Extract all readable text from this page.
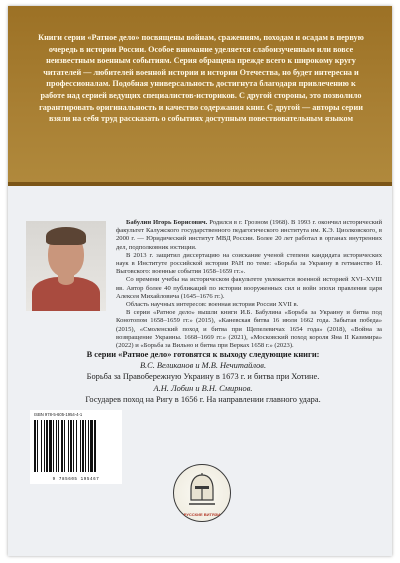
Книги серии «Ратное дело» посвящены войнам, сражениям, походам и осадам в первую очередь в истории России. Особое внимание уделяется слабоизученным или вовсе неизвестным военным событиям. Серия обращена прежде всего к широкому кругу читателей — любителей военной истории и истории Отечества, но будет интересна и профессионалам. Подобная универсальность достигнута благодаря привлечению к работе над серией ведущих специалистов-историков. С другой стороны, это позволило гарантировать оригинальность и качество содержания книг. С другой — авторы серии взяли на себя труд рассказать о событиях доступным повествовательным языком

Бабулин Игорь Борисович. Родился в г. Грозном (1968). В 1993 г. окончил исторический факультет Калужского государственного педагогического института им. К.Э. Циолковского, в 2000 г. — Юридический институт МВД России. Более 20 лет работал в органах внутренних дел, подполковник юстиции.

В 2013 г. защитил диссертацию на соискание ученой степени кандидата исторических наук в Институте российской истории РАН по теме: «Борьба за Украину в гетманство И. Выговского: военные события 1658–1659 гг.».

Со времени учебы на историческом факультете увлекается военной историей XVI–XVIII вв. Автор более 40 публикаций по истории вооруженных сил и войн эпохи правления царя Алексея Михайловича (1645–1676 гг.).

Область научных интересов: военная история России XVII в.

В серии «Ратное дело» вышли книги И.Б. Бабулина «Борьба за Украину и битва под Конотопом 1658–1659 гг.» (2015), «Каневская битва 16 июля 1662 года. Забытая победа» (2015), «Смоленский поход и битва при Щепелевичах 1654 года» (2018), «Война за возвращение Украины. 1668–1669 гг.» (2021), «Московский поход короля Яна II Казимира» (2022) и «Борьба за Вильно и битва при Верках 1658 г.» (2023).

В серии «Ратное дело» готовятся к выходу следующие книги:

В.С. Великанов и М.В. Нечитайлов.

Борьба за Правобережную Украину в 1673 г. и битва при Хотине.

А.Н. Лобин и В.Н. Смирнов.

Государев поход на Ригу в 1656 г. На направлении главного удара.

ISBN 978-5-605-1954-4-1
9 785605 195467
РУССКИЕ ВИТЯЗИ
